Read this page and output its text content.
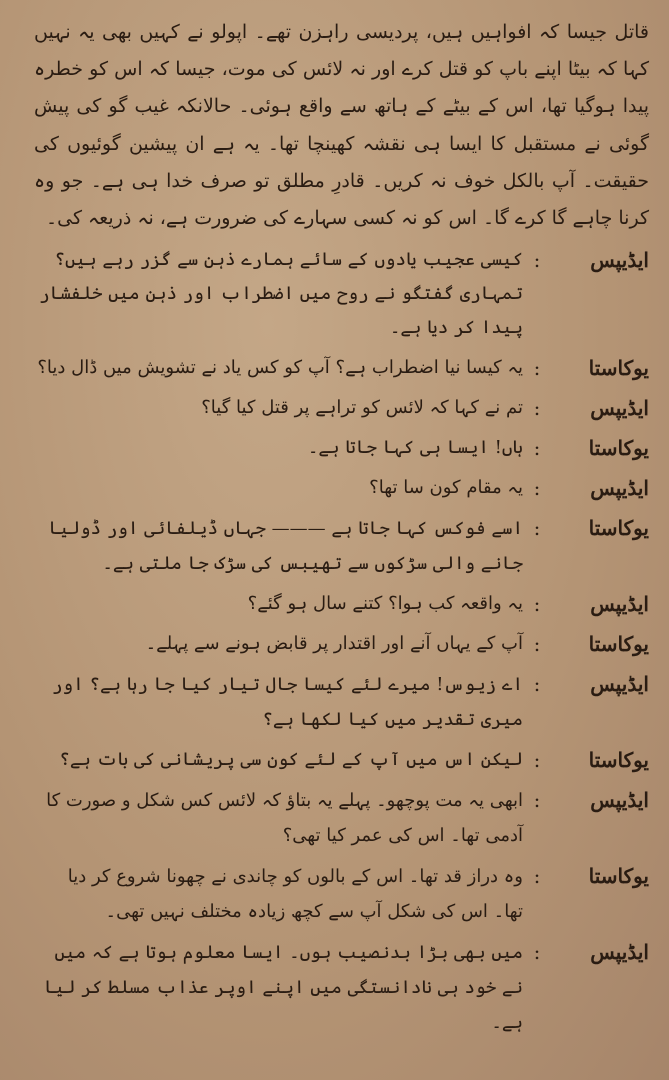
قاتل جیسا کہ افواہیں ہیں، پردیسی راہزن تھے۔ اپولو نے کہیں بھی یہ نہیں کہا کہ بیٹا اپنے باپ کو قتل کرے اور نہ لائس کی موت، جیسا کہ اس کو خطرہ پیدا ہوگیا تھا، اس کے بیٹے کے ہاتھ سے واقع ہوئی۔ حالانکہ غیب گو کی پیش گوئی نے مستقبل کا ایسا ہی نقشہ کھینچا تھا۔ یہ ہے ان پیشین گوئیوں کی حقیقت۔ آپ بالکل خوف نہ کریں۔ قادرِ مطلق تو صرف خدا ہی ہے۔ جو وہ کرنا چاہے گا کرے گا۔ اس کو نہ کسی سہارے کی ضرورت ہے، نہ ذریعہ کی۔

ایڈیپس
:
کیسی عجیب یادوں کے سائے ہمارے ذہن سے گزر رہے ہیں؟ تمہاری گفتگو نے روح میں اضطراب اور ذہن میں خلفشار پیدا کر دیا ہے۔
یوکاستا
:
یہ کیسا نیا اضطراب ہے؟ آپ کو کس یاد نے تشویش میں ڈال دیا؟
ایڈیپس
:
تم نے کہا کہ لائس کو تراہے پر قتل کیا گیا؟
یوکاستا
:
ہاں! ایسا ہی کہا جاتا ہے۔
ایڈیپس
:
یہ مقام کون سا تھا؟
یوکاستا
:
اسے فوکس کہا جاتا ہے ——— جہاں ڈیلفائی اور ڈولیا جانے والی سڑکوں سے تھیبس کی سڑک جا ملتی ہے۔
ایڈیپس
:
یہ واقعہ کب ہوا؟ کتنے سال ہو گئے؟
یوکاستا
:
آپ کے یہاں آنے اور اقتدار پر قابض ہونے سے پہلے۔
ایڈیپس
:
اے زیوس! میرے لئے کیسا جال تیار کیا جا رہا ہے؟ اور میری تقدیر میں کیا لکھا ہے؟
یوکاستا
:
لیکن اس میں آپ کے لئے کون سی پریشانی کی بات ہے؟
ایڈیپس
:
ابھی یہ مت پوچھو۔ پہلے یہ بتاؤ کہ لائس کس شکل و صورت کا آدمی تھا۔ اس کی عمر کیا تھی؟
یوکاستا
:
وہ دراز قد تھا۔ اس کے بالوں کو چاندی نے چھونا شروع کر دیا تھا۔ اس کی شکل آپ سے کچھ زیادہ مختلف نہیں تھی۔
ایڈیپس
:
میں بھی بڑا بدنصیب ہوں۔ ایسا معلوم ہوتا ہے کہ میں نے خود ہی نادانستگی میں اپنے اوپر عذاب مسلط کر لیا ہے۔
